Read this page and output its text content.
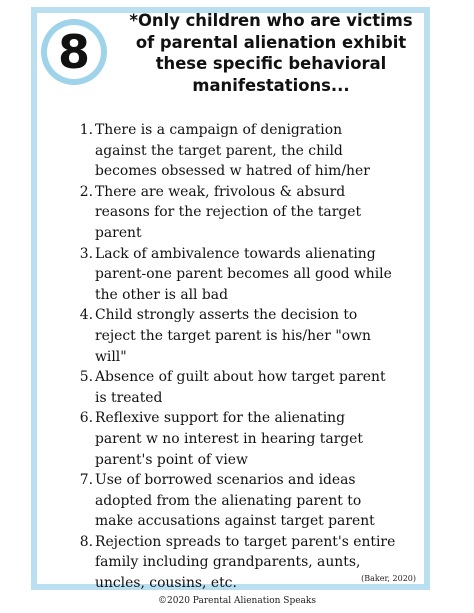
8
*Only children who are victims
of parental alienation exhibit
these specific behavioral
manifestations...
1. There is a campaign of denigration
against the target parent, the child
becomes obsessed w hatred of him/her
2. There are weak, frivolous & absurd
reasons for the rejection of the target
parent
3. Lack of ambivalence towards alienating
parent-one parent becomes all good while
the other is all bad
4. Child strongly asserts the decision to
reject the target parent is his/her "own
will"
5. Absence of guilt about how target parent
is treated
6. Reflexive support for the alienating
parent w no interest in hearing target
parent's point of view
7. Use of borrowed scenarios and ideas
adopted from the alienating parent to
make accusations against target parent
8. Rejection spreads to target parent's entire
family including grandparents, aunts,
uncles, cousins, etc.	(Baker, 2020)
©2020 Parental Alienation Speaks
